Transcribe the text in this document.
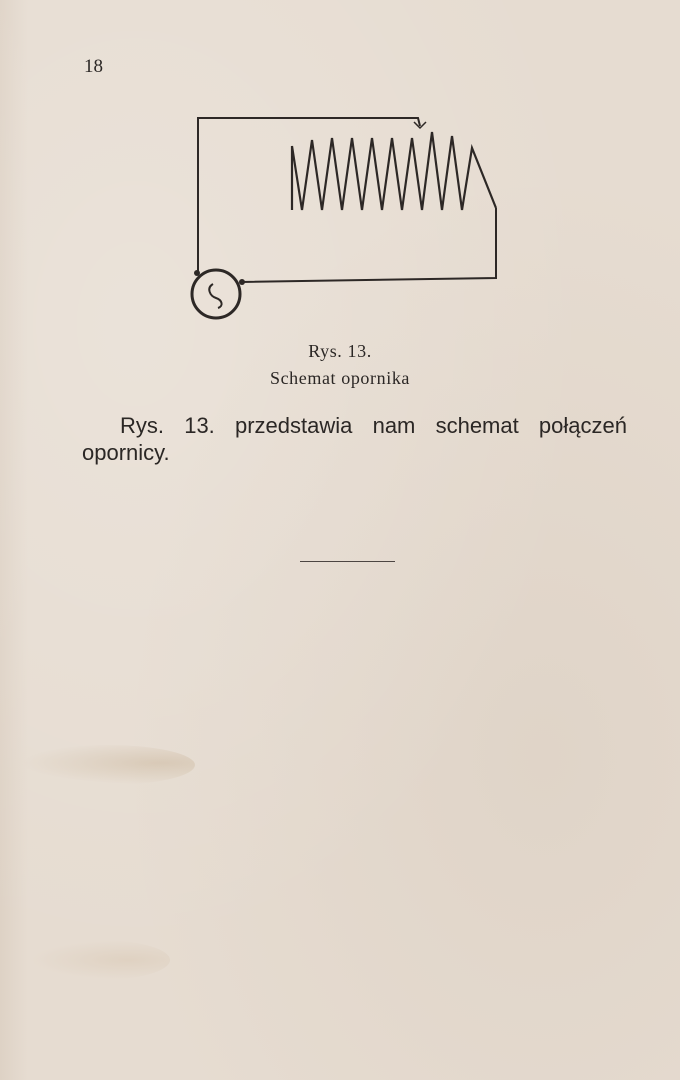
18
Rys. 13.
Schemat opornika
Rys. 13. przedstawia nam schemat połączeń opornicy.
